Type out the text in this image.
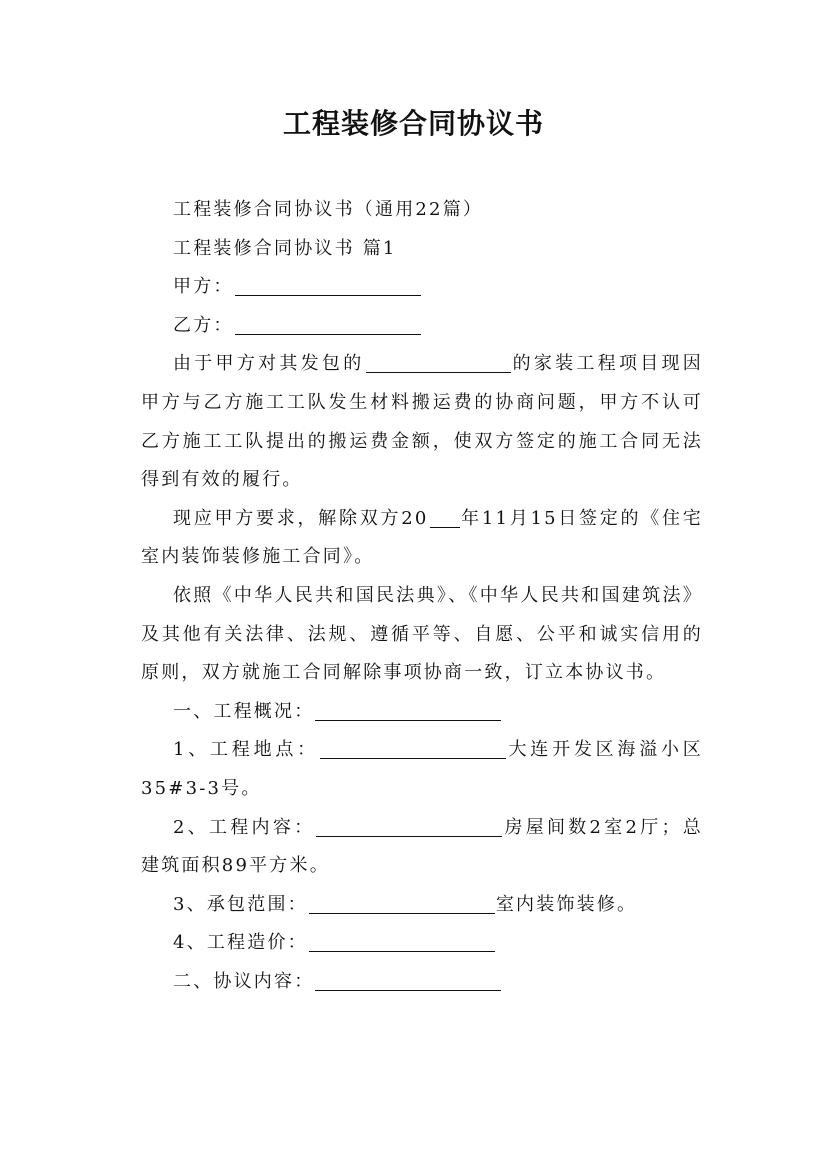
工程装修合同协议书

工程装修合同协议书（通用22篇）

工程装修合同协议书 篇1

甲方：

乙方：

由于甲方对其发包的	的家装工程项目现因甲方与乙方施工工队发生材料搬运费的协商问题，甲方不认可乙方施工工队提出的搬运费金额，使双方签定的施工合同无法得到有效的履行。

现应甲方要求，解除双方20 年11月15日签定的《住宅室内装饰装修施工合同》。

依照《中华人民共和国民法典》、《中华人民共和国建筑法》及其他有关法律、法规、遵循平等、自愿、公平和诚实信用的原则，双方就施工合同解除事项协商一致，订立本协议书。

一、工程概况：

1、工程地点：	大连开发区海溢小区35#3-3号。

2、工程内容：	房屋间数2室2厅；总建筑面积89平方米。

3、承包范围：	室内装饰装修。

4、工程造价：

二、协议内容：
